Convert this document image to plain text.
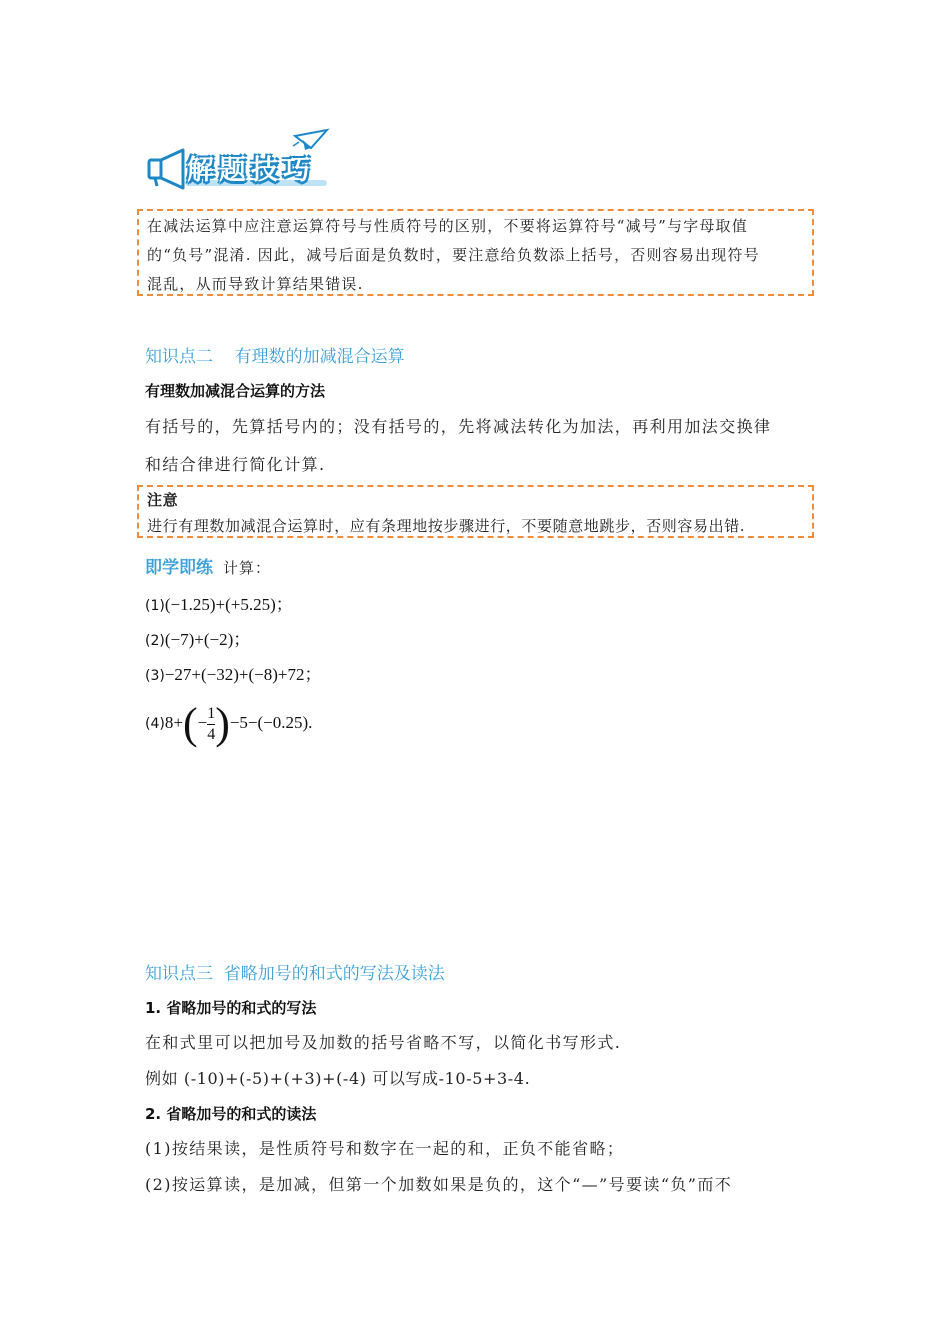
解题技巧
在减法运算中应注意运算符号与性质符号的区别，不要将运算符号“减号”与字母取值
的“负号”混淆. 因此，减号后面是负数时，要注意给负数添上括号，否则容易出现符号
混乱，从而导致计算结果错误.
知识点二    有理数的加减混合运算
有理数加减混合运算的方法
有括号的，先算括号内的；没有括号的，先将减法转化为加法，再利用加法交换律
和结合律进行简化计算.
注意
进行有理数加减混合运算时，应有条理地按步骤进行，不要随意地跳步，否则容易出错.
即学即练 计算：
(1)(−1.25)+(+5.25)；
(2)(−7)+(−2)；
(3)−27+(−32)+(−8)+72；
$(4)8+(-\frac{1}{4} )-5-(-0.25)$.
知识点三  省略加号的和式的写法及读法
1. 省略加号的和式的写法
在和式里可以把加号及加数的括号省略不写，以简化书写形式.
例如 (-10)+(-5)+(+3)+(-4) 可以写成-10-5+3-4.
2. 省略加号的和式的读法
(1)按结果读，是性质符号和数字在一起的和，正负不能省略；
(2)按运算读，是加减，但第一个加数如果是负的，这个“—”号要读“负”而不
